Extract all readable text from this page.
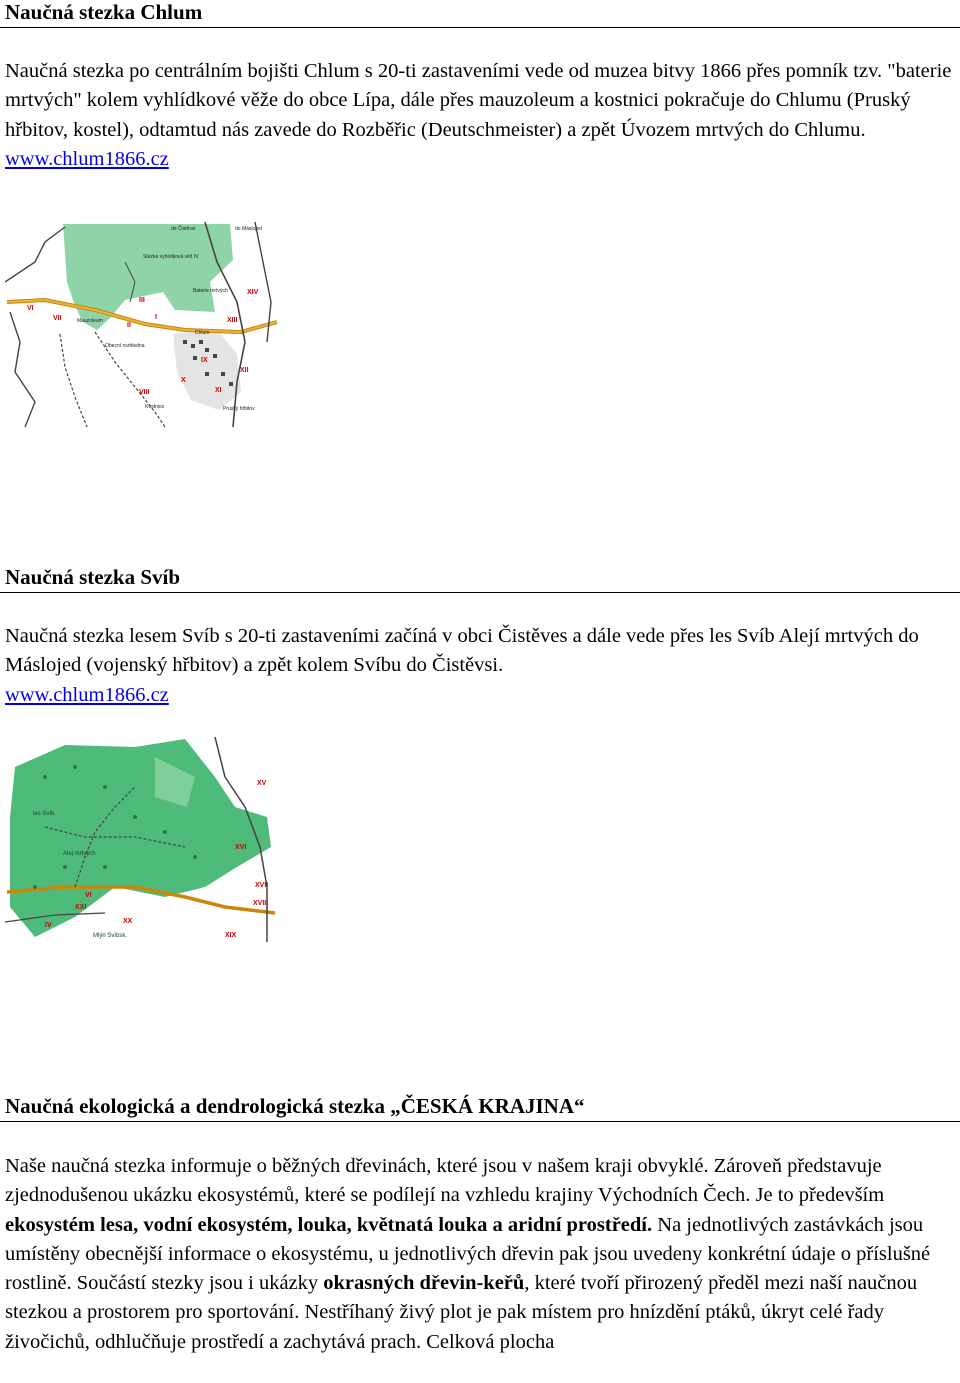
Naučná stezka Chlum

Naučná stezka po centrálním bojišti Chlum s 20-ti zastaveními vede od muzea bitvy 1866 přes pomník tzv. "baterie mrtvých" kolem vyhlídkové věže do obce Lípa, dále přes mauzoleum a kostnici pokračuje do Chlumu (Pruský hřbitov, kostel), odtamtud nás zavede do Rozběřic (Deutschmeister) a zpět Úvozem mrtvých do Chlumu.
www.chlum1866.cz

VI
VII
III
I
II
XIV
XIII
XII
XI
X
IX
VIII
do Čistěvsi	do Máslojed
Stezka vyhlídková věž IV
Baterie mrtvých
Chlum
Mauzoleum
Pruský hřbitov
Kostnice
Obecní rozhledna
Naučná stezka Svíb

Naučná stezka lesem Svíb s 20-ti zastaveními začíná v obci Čistěves a dále vede přes les Svíb Alejí mrtvých do Máslojed (vojenský hřbitov) a zpět kolem Svíbu do Čistěvsi.
www.chlum1866.cz

XV
XVI
XVIII
XVII
XX
XIX
VI
IV
XXI
les Svíb
Alej mrtvých
Mlýn Svíbsk.
Naučná ekologická a dendrologická stezka „ČESKÁ KRAJINA“

Naše naučná stezka informuje o běžných dřevinách, které jsou v našem kraji obvyklé. Zároveň představuje zjednodušenou ukázku ekosystémů, které se podílejí na vzhledu krajiny Východních Čech. Je to především ekosystém lesa, vodní ekosystém, louka, květnatá louka a aridní prostředí. Na jednotlivých zastávkách jsou umístěny obecnější informace o ekosystému, u jednotlivých dřevin pak jsou uvedeny konkrétní údaje o příslušné rostlině. Součástí stezky jsou i ukázky okrasných dřevin-keřů, které tvoří přirozený předěl mezi naší naučnou stezkou a prostorem pro sportování. Nestříhaný živý plot je pak místem pro hnízdění ptáků, úkryt celé řady živočichů, odhlučňuje prostředí a zachytává prach. Celková plocha
